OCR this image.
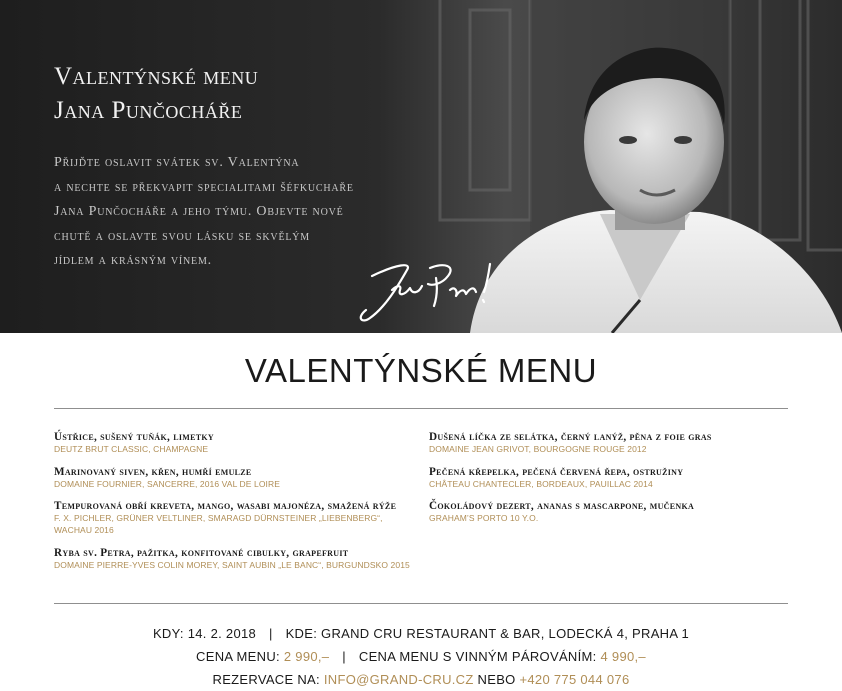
Valentýnské menu
Jana Punčocháře
Přijďte oslavit svátek sv. Valentýna
a nechte se překvapit specialitami šéfkuchaře
Jana Punčocháře a jeho týmu. Objevte nové
chutě a oslavte svou lásku se skvělým
jídlem a krásným vínem.
VALENTÝNSKÉ MENU
Ústřice, sušený tuňák, limetky
DEUTZ BRUT CLASSIC, CHAMPAGNE
Marinovaný siven, křen, humří emulze
DOMAINE FOURNIER, SANCERRE, 2016 VAL DE LOIRE
Tempurovaná obří kreveta, mango, wasabi majonéza, smažená rýže
F. X. PICHLER, GRÜNER VELTLINER, SMARAGD DÜRNSTEINER „LIEBENBERG“, WACHAU 2016
Ryba sv. Petra, pažitka, konfitované cibulky, grapefruit
DOMAINE PIERRE-YVES COLIN MOREY, SAINT AUBIN „LE BANC“, BURGUNDSKO 2015
Dušená líčka ze selátka, černý lanýž, pěna z foie gras
DOMAINE JEAN GRIVOT, BOURGOGNE ROUGE 2012
Pečená křepelka, pečená červená řepa, ostružiny
CHÂTEAU CHANTECLER, BORDEAUX, PAUILLAC 2014
Čokoládový dezert, ananas s mascarpone, mučenka
GRAHAM’S PORTO 10 Y.O.
KDY: 14. 2. 2018 | KDE: GRAND CRU RESTAURANT & BAR, LODECKÁ 4, PRAHA 1
CENA MENU: 2 990,– | CENA MENU S VINNÝM PÁROVÁNÍM: 4 990,–
REZERVACE NA: INFO@GRAND-CRU.CZ NEBO +420 775 044 076
